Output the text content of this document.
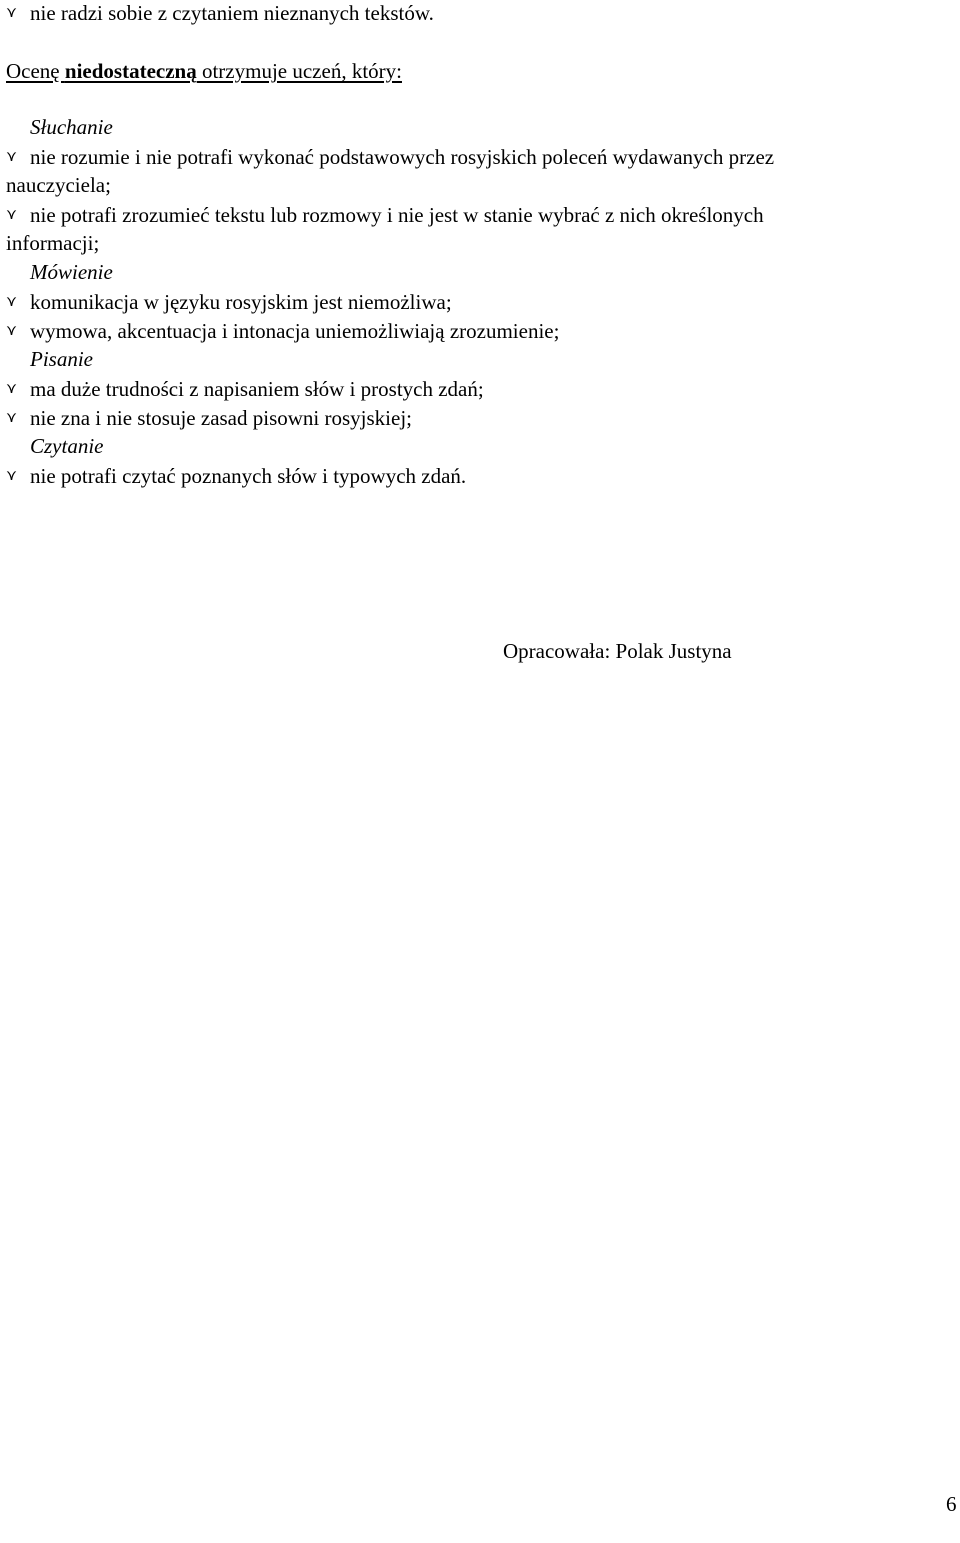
⋎ nie radzi sobie z czytaniem nieznanych tekstów.
Ocenę niedostateczną otrzymuje uczeń, który:
Słuchanie
⋎ nie rozumie i nie potrafi wykonać podstawowych rosyjskich poleceń wydawanych przez
nauczyciela;
⋎ nie potrafi zrozumieć tekstu lub rozmowy i nie jest w stanie wybrać z nich określonych
informacji;
Mówienie
⋎ komunikacja w języku rosyjskim jest niemożliwa;
⋎ wymowa, akcentuacja i intonacja uniemożliwiają zrozumienie;
Pisanie
⋎ ma duże trudności z napisaniem słów i prostych zdań;
⋎ nie zna i nie stosuje zasad pisowni rosyjskiej;
Czytanie
⋎ nie potrafi czytać poznanych słów i typowych zdań.
Opracowała: Polak Justyna
6
